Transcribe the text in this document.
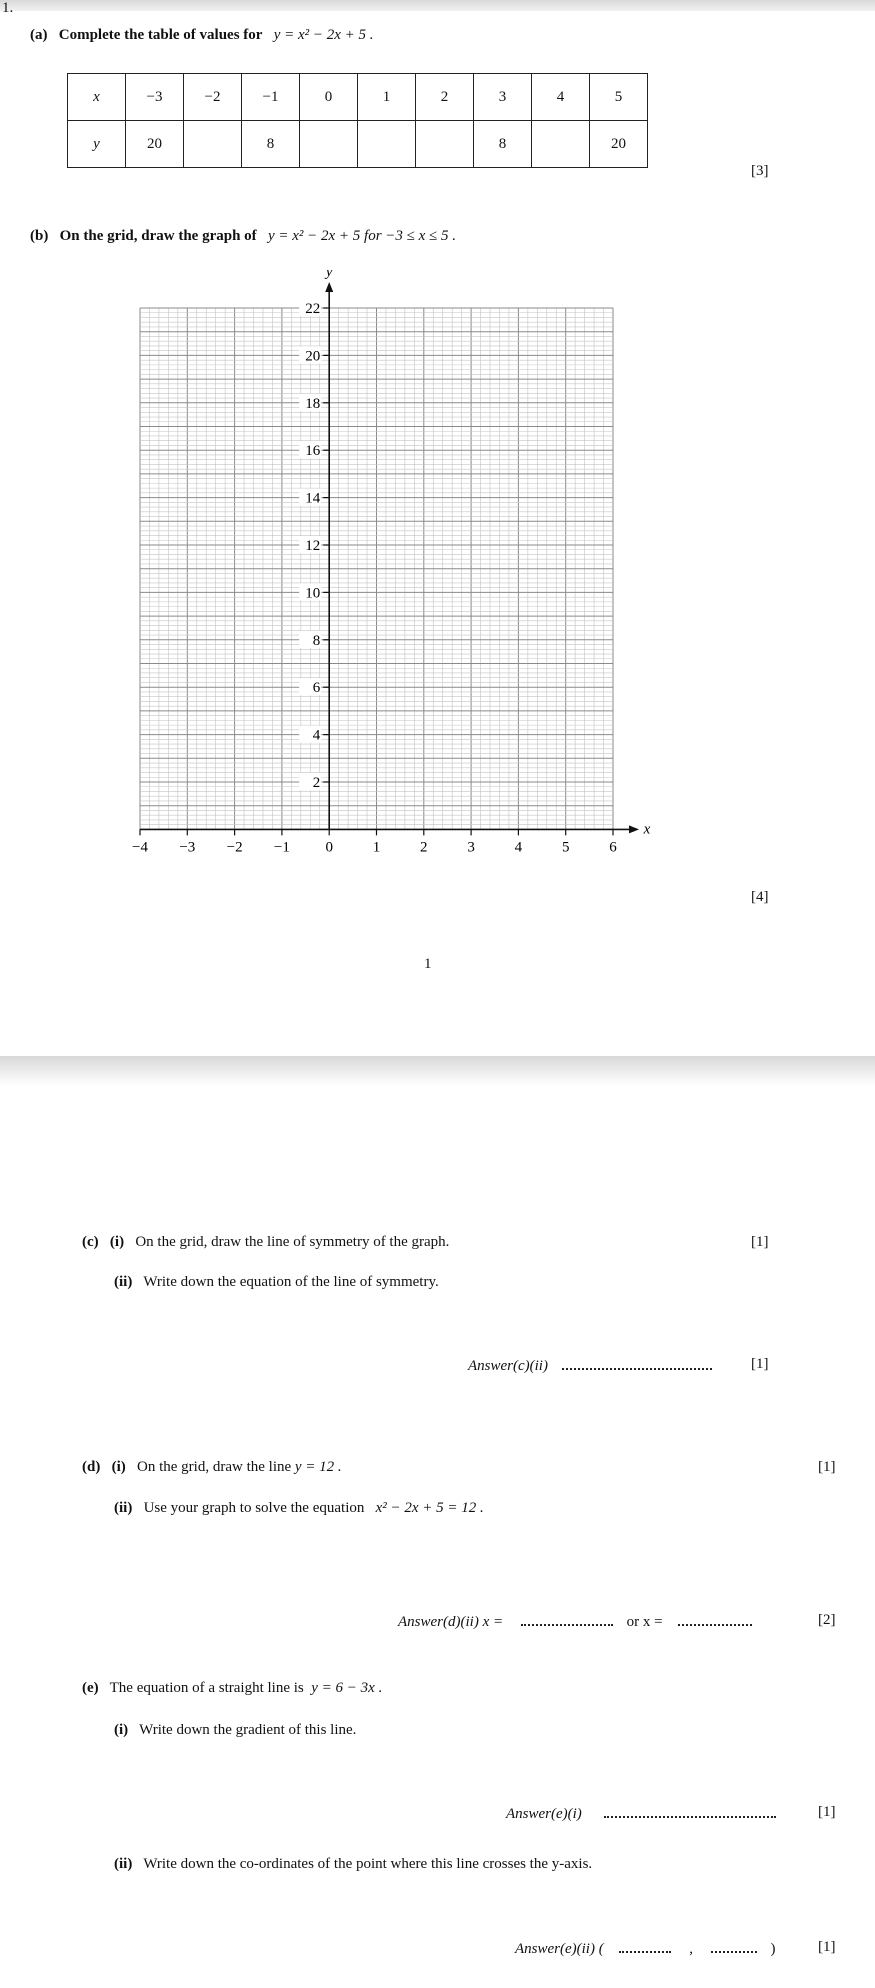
1.
(a) Complete the table of values for y = x² − 2x + 5 .
x	−3	−2	−1	0	1	2	3	4	5
y	20		8				8		20
[3]
(b) On the grid, draw the graph of y = x² − 2x + 5 for −3 ≤ x ≤ 5 .
y
x
−4 −3 −2 −1 0	1	2	3	4	5	6
2
4
6
8
10
12
14
16
18
20
22
[4]
1
(c) (i) On the grid, draw the line of symmetry of the graph.	[1]
(ii) Write down the equation of the line of symmetry.
Answer(c)(ii)	[1]
(d) (i) On the grid, draw the line y = 12 .	[1]
(ii) Use your graph to solve the equation x² − 2x + 5 = 12 .
Answer(d)(ii) x =	or x =	[2]
(e) The equation of a straight line is y = 6 − 3x .
(i) Write down the gradient of this line.
Answer(e)(i)	[1]
(ii) Write down the co-ordinates of the point where this line crosses the y-axis.
Answer(e)(ii) (	,	)	[1]
